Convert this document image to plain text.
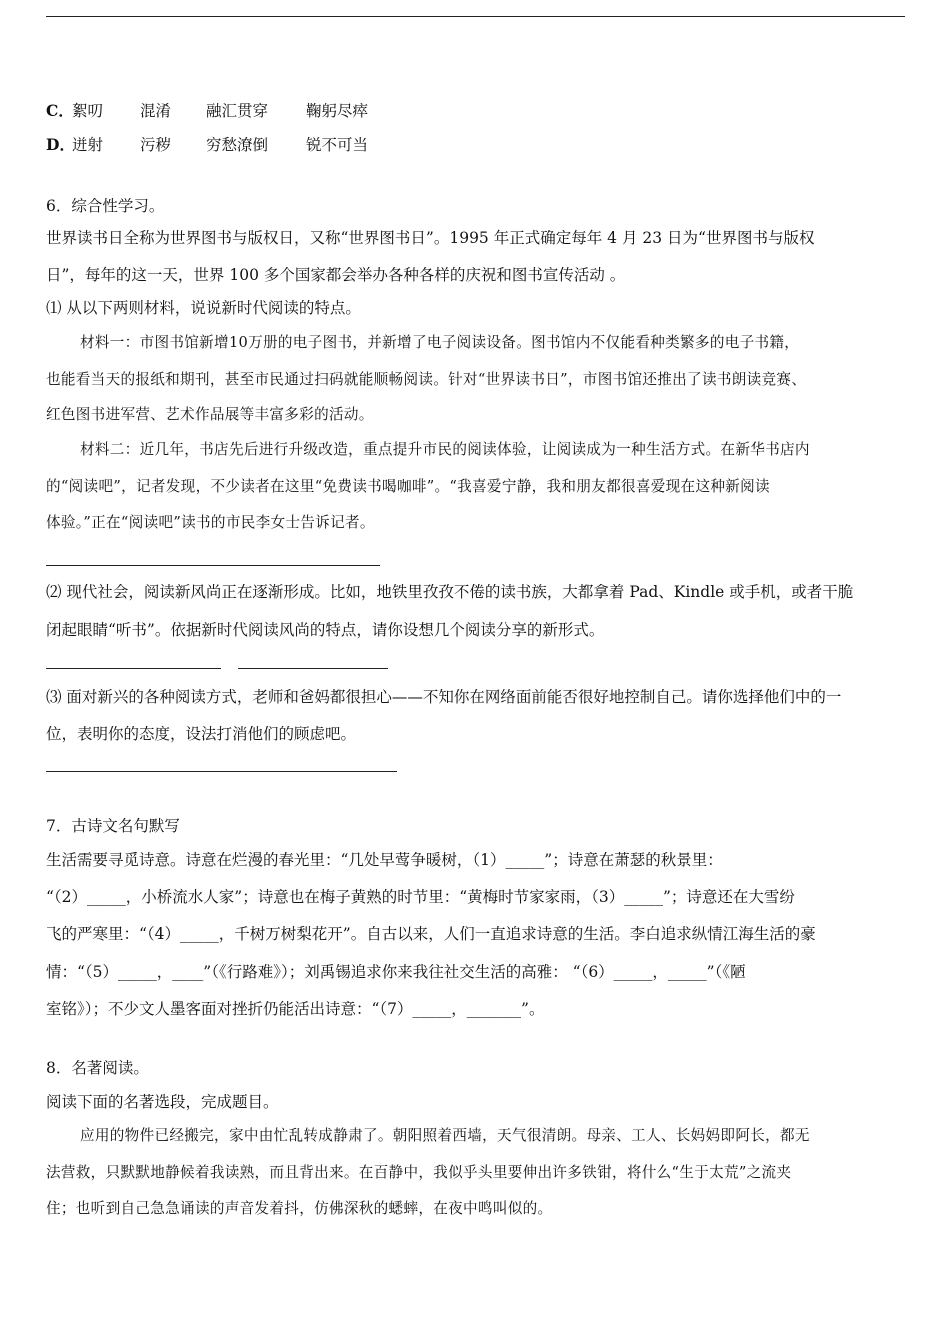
C．絮叨 混淆 融汇贯穿 鞠躬尽瘁
D．迸射 污秽 穷愁潦倒 锐不可当
6．综合性学习。
世界读书日全称为世界图书与版权日，又称“世界图书日”。1995 年正式确定每年 4 月 23 日为“世界图书与版权
日”，每年的这一天，世界 100 多个国家都会举办各种各样的庆祝和图书宣传活动 。
⑴ 从以下两则材料，说说新时代阅读的特点。
材料一：市图书馆新增10万册的电子图书，并新增了电子阅读设备。图书馆内不仅能看种类繁多的电子书籍，
也能看当天的报纸和期刊，甚至市民通过扫码就能顺畅阅读。针对“世界读书日”，市图书馆还推出了读书朗读竞赛、
红色图书进军营、艺术作品展等丰富多彩的活动。
材料二：近几年，书店先后进行升级改造，重点提升市民的阅读体验，让阅读成为一种生活方式。在新华书店内
的“阅读吧”，记者发现，不少读者在这里“免费读书喝咖啡”。“我喜爱宁静，我和朋友都很喜爱现在这种新阅读
体验。”正在“阅读吧”读书的市民李女士告诉记者。
⑵ 现代社会，阅读新风尚正在逐渐形成。比如，地铁里孜孜不倦的读书族，大都拿着 Pad、Kindle 或手机，或者干脆
闭起眼睛“听书”。依据新时代阅读风尚的特点，请你设想几个阅读分享的新形式。
⑶ 面对新兴的各种阅读方式，老师和爸妈都很担心——不知你在网络面前能否很好地控制自己。请你选择他们中的一
位，表明你的态度，设法打消他们的顾虑吧。
7．古诗文名句默写
生活需要寻觅诗意。诗意在烂漫的春光里：“几处早莺争暖树，（1）_____”；诗意在萧瑟的秋景里：
“（2）_____，小桥流水人家”；诗意也在梅子黄熟的时节里：“黄梅时节家家雨，（3）_____”；诗意还在大雪纷
飞的严寒里：“（4）_____，千树万树梨花开”。自古以来，人们一直追求诗意的生活。李白追求纵情江海生活的豪
情：“（5）_____，____”（《行路难》）；刘禹锡追求你来我往社交生活的高雅： “（6）_____，_____”（《陋
室铭》）；不少文人墨客面对挫折仍能活出诗意：“（7）_____，_______”。
8．名著阅读。
阅读下面的名著选段，完成题目。
应用的物件已经搬完，家中由忙乱转成静肃了。朝阳照着西墙，天气很清朗。母亲、工人、长妈妈即阿长，都无
法营救，只默默地静候着我读熟，而且背出来。在百静中，我似乎头里要伸出许多铁钳，将什么“生于太荒”之流夹
住；也听到自己急急诵读的声音发着抖，仿佛深秋的蟋蟀，在夜中鸣叫似的。
